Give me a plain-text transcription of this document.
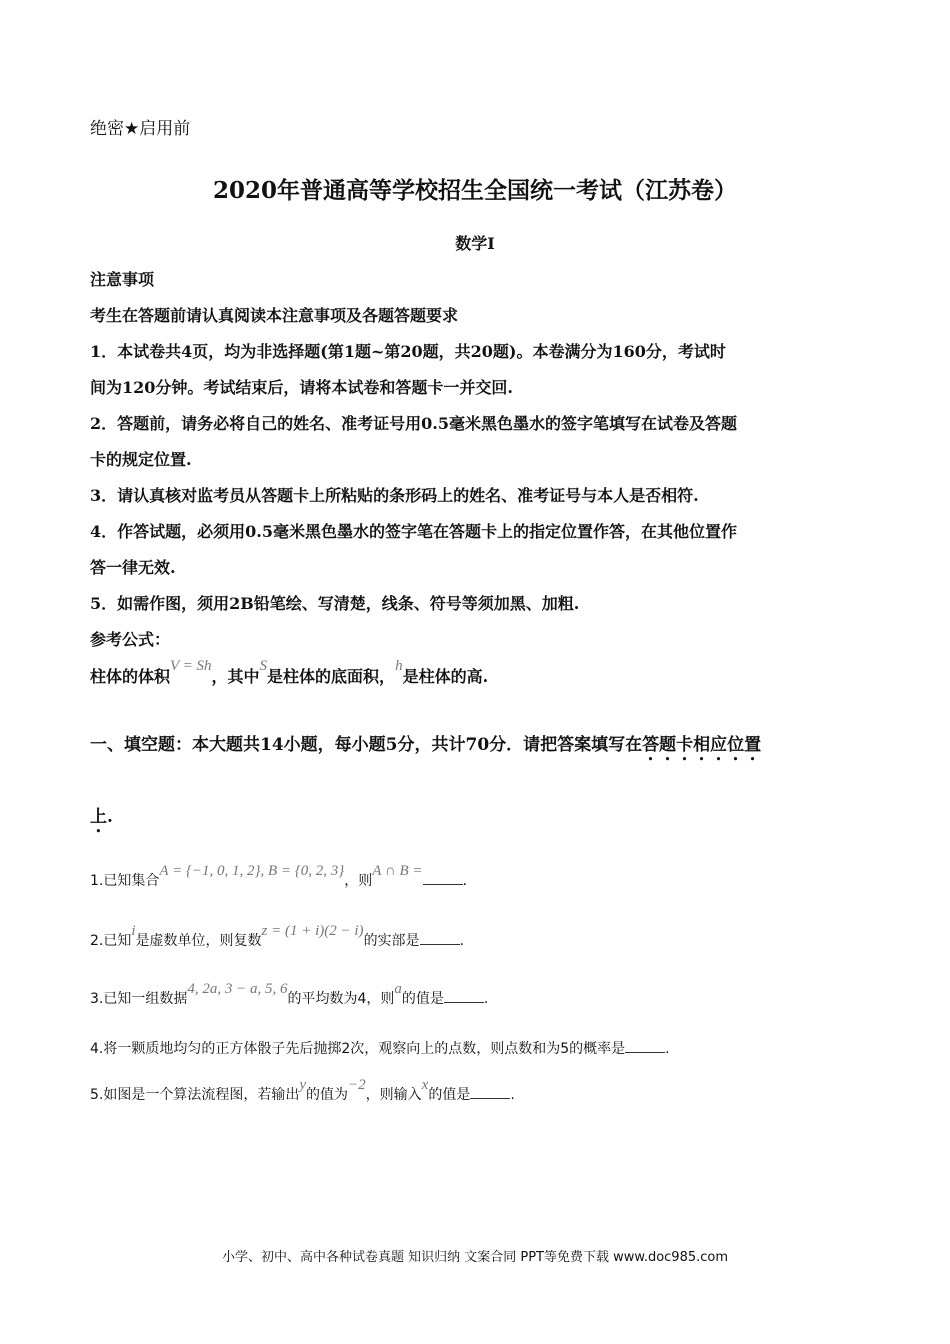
绝密★启用前
2020年普通高等学校招生全国统一考试（江苏卷）
数学I

注意事项

考生在答题前请认真阅读本注意事项及各题答题要求

1．本试卷共4页，均为非选择题(第1题~第20题，共20题)。本卷满分为160分，考试时

间为120分钟。考试结束后，请将本试卷和答题卡一并交回.

2．答题前，请务必将自己的姓名、准考证号用0.5毫米黑色墨水的签字笔填写在试卷及答题

卡的规定位置.

3．请认真核对监考员从答题卡上所粘贴的条形码上的姓名、准考证号与本人是否相符.

4．作答试题，必须用0.5毫米黑色墨水的签字笔在答题卡上的指定位置作答，在其他位置作

答一律无效.

5．如需作图，须用2B铅笔绘、写清楚，线条、符号等须加黑、加粗.

参考公式：

柱体的体积V = Sh，其中S是柱体的底面积，h是柱体的高.
一、填空题：本大题共14小题，每小题5分，共计70分．请把答案填写在答题卡相应位置
上.
1.已知集合A = {−1, 0, 1, 2}, B = {0, 2, 3}，则A ∩ B =.
2.已知i是虚数单位，则复数z = (1 + i)(2 − i)的实部是	.
3.已知一组数据4, 2a, 3 − a, 5, 6的平均数为4，则a的值是	.
4.将一颗质地均匀的正方体骰子先后抛掷2次，观察向上的点数，则点数和为5的概率是	.
5.如图是一个算法流程图，若输出y的值为−2，则输入x的值是	.
小学、初中、高中各种试卷真题 知识归纳 文案合同 PPT等免费下载 www.doc985.com
